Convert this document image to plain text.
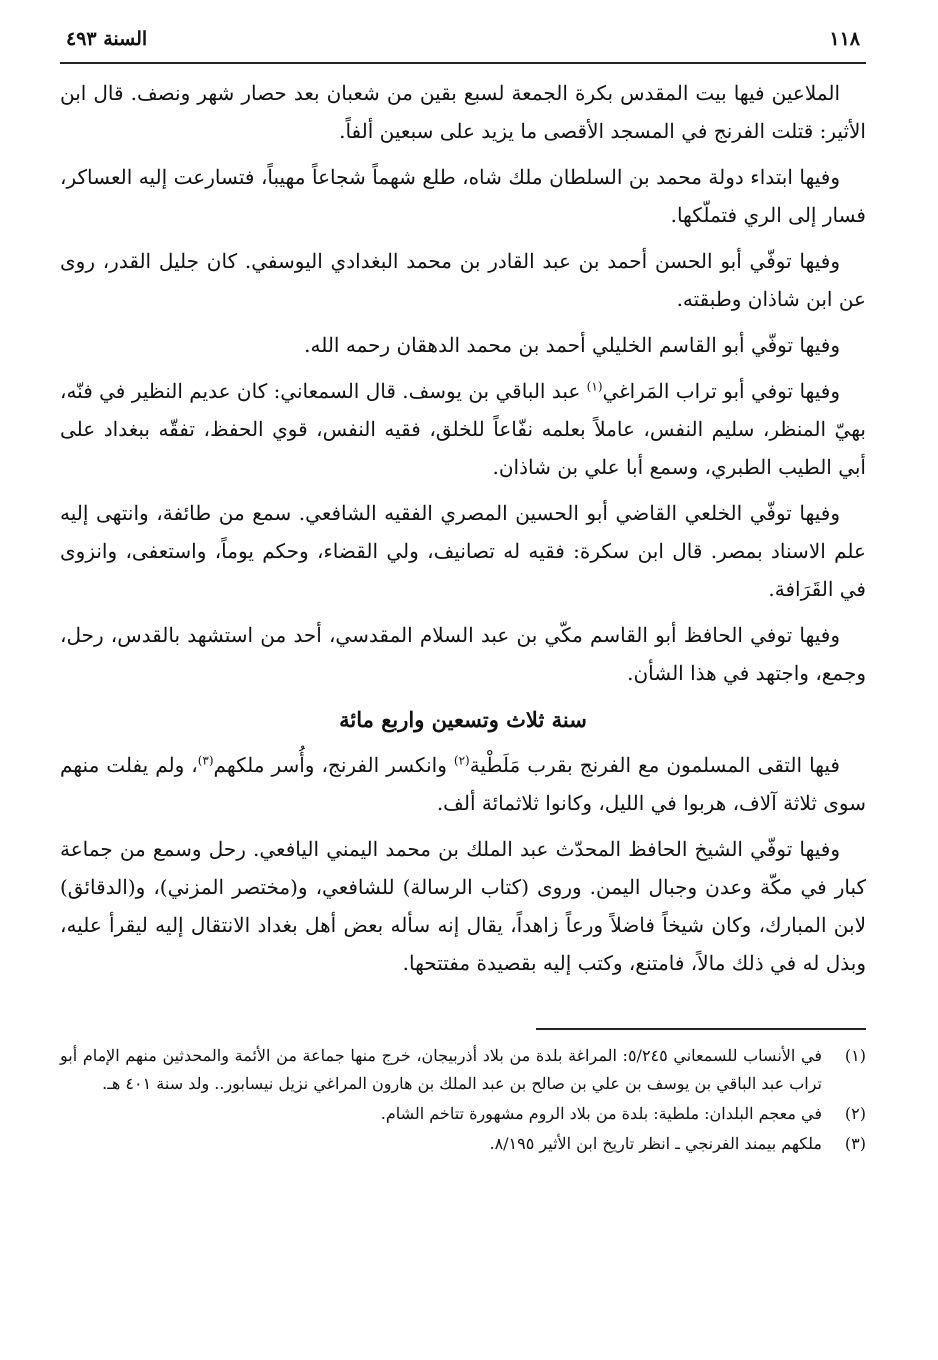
١١٨
السنة ٤٩٣

الملاعين فيها بيت المقدس بكرة الجمعة لسبع بقين من شعبان بعد حصار شهر ونصف. قال ابن الأثير: قتلت الفرنج في المسجد الأقصى ما يزيد على سبعين ألفاً.

وفيها ابتداء دولة محمد بن السلطان ملك شاه، طلع شهماً شجاعاً مهيباً، فتسارعت إليه العساكر، فسار إلى الري فتملّكها.

وفيها توفّي أبو الحسن أحمد بن عبد القادر بن محمد البغدادي اليوسفي. كان جليل القدر، روى عن ابن شاذان وطبقته.

وفيها توفّي أبو القاسم الخليلي أحمد بن محمد الدهقان رحمه الله.

وفيها توفي أبو تراب المَراغي$^{(١)}$ عبد الباقي بن يوسف. قال السمعاني: كان عديم النظير في فنّه، بهيّ المنظر، سليم النفس، عاملاً بعلمه نفّاعاً للخلق، فقيه النفس، قوي الحفظ، تفقّه ببغداد على أبي الطيب الطبري، وسمع أبا علي بن شاذان.

وفيها توفّي الخلعي القاضي أبو الحسين المصري الفقيه الشافعي. سمع من طائفة، وانتهى إليه علم الاسناد بمصر. قال ابن سكرة: فقيه له تصانيف، ولي القضاء، وحكم يوماً، واستعفى، وانزوى في القَرَافة.

وفيها توفي الحافظ أبو القاسم مكّي بن عبد السلام المقدسي، أحد من استشهد بالقدس، رحل، وجمع، واجتهد في هذا الشأن.

سنة ثلاث وتسعين واربع مائة

فيها التقى المسلمون مع الفرنج بقرب مَلَطْية$^{(٢)}$ وانكسر الفرنج، وأُسر ملكهم$^{(٣)}$، ولم يفلت منهم سوى ثلاثة آلاف، هربوا في الليل، وكانوا ثلاثمائة ألف.

وفيها توفّي الشيخ الحافظ المحدّث عبد الملك بن محمد اليمني اليافعي. رحل وسمع من جماعة كبار في مكّة وعدن وجبال اليمن. وروى (كتاب الرسالة) للشافعي، و(مختصر المزني)، و(الدقائق) لابن المبارك، وكان شيخاً فاضلاً ورعاً زاهداً، يقال إنه سأله بعض أهل بغداد الانتقال إليه ليقرأ عليه، وبذل له في ذلك مالاً، فامتنع، وكتب إليه بقصيدة مفتتحها.

(١)
في الأنساب للسمعاني ٥/٢٤٥: المراغة بلدة من بلاد أذربيجان، خرج منها جماعة من الأئمة والمحدثين منهم الإمام أبو تراب عبد الباقي بن يوسف بن علي بن صالح بن عبد الملك بن هارون المراغي نزيل نيسابور.. ولد سنة ٤٠١ هـ.
(٢)
في معجم البلدان: ملطية: بلدة من بلاد الروم مشهورة تتاخم الشام.
(٣)
ملكهم بيمند الفرنجي ـ انظر تاريخ ابن الأثير ٨/١٩٥.
